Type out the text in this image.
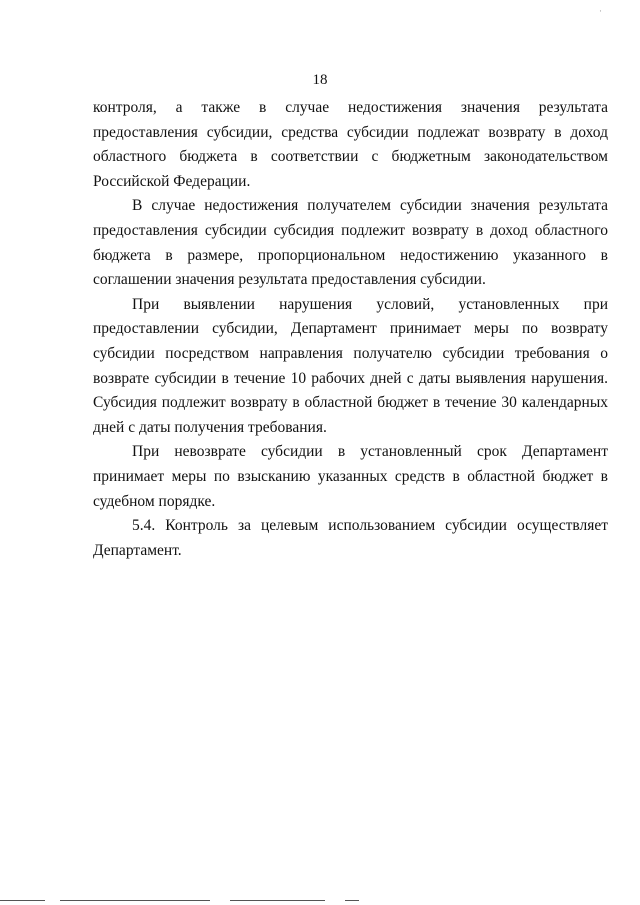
·
18

контроля, а также в случае недостижения значения результата предоставления субсидии, средства субсидии подлежат возврату в доход областного бюджета в соответствии с бюджетным законодательством Российской Федерации.

В случае недостижения получателем субсидии значения результата предоставления субсидии субсидия подлежит возврату в доход областного бюджета в размере, пропорциональном недостижению указанного в соглашении значения результата предоставления субсидии.

При выявлении нарушения условий, установленных при предоставлении субсидии, Департамент принимает меры по возврату субсидии посредством направления получателю субсидии требования о возврате субсидии в течение 10 рабочих дней с даты выявления нарушения. Субсидия подлежит возврату в областной бюджет в течение 30 календарных дней с даты получения требования.

При невозврате субсидии в установленный срок Департамент принимает меры по взысканию указанных средств в областной бюджет в судебном порядке.

5.4. Контроль за целевым использованием субсидии осуществляет Департамент.
